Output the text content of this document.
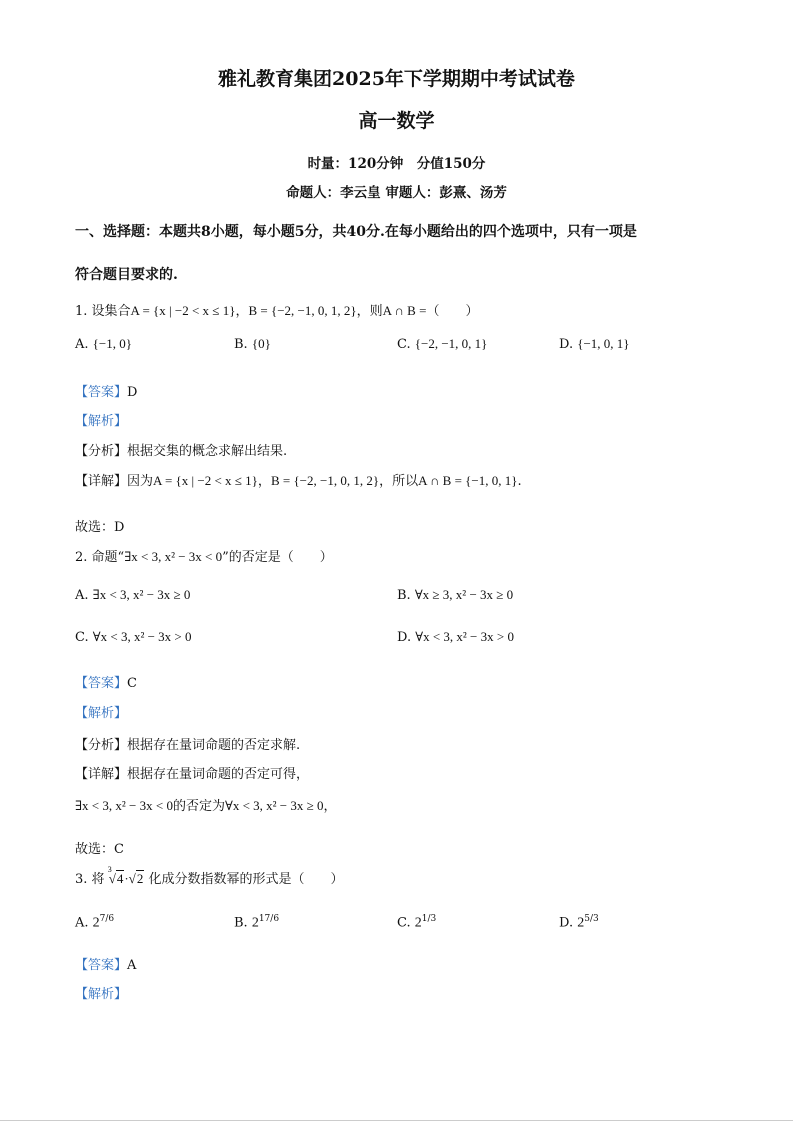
雅礼教育集团2025年下学期期中考试试卷
高一数学
时量：120分钟　分值150分
命题人：李云皇 审题人：彭熹、汤芳
一、选择题：本题共8小题，每小题5分，共40分.在每小题给出的四个选项中，只有一项是
符合题目要求的.
1. 设集合A = {x | −2 < x ≤ 1}，B = {−2, −1, 0, 1, 2}，则A ∩ B =（　　）
A. {−1, 0}	B. {0}	C. {−2, −1, 0, 1}	D. {−1, 0, 1}
【答案】D
【解析】
【分析】根据交集的概念求解出结果.
【详解】因为A = {x | −2 < x ≤ 1}，B = {−2, −1, 0, 1, 2}，所以A ∩ B = {−1, 0, 1}.
故选：D
2. 命题“∃x < 3, x² − 3x < 0”的否定是（　　）
A. ∃x < 3, x² − 3x ≥ 0	B. ∀x ≥ 3, x² − 3x ≥ 0
C. ∀x < 3, x² − 3x > 0	D. ∀x < 3, x² − 3x > 0
【答案】C
【解析】
【分析】根据存在量词命题的否定求解.
【详解】根据存在量词命题的否定可得，
∃x < 3, x² − 3x < 0的否定为∀x < 3, x² − 3x ≥ 0，
故选：C
3. 将
3
√4·√2 化成分数指数幂的形式是（　　）
A. $2^{7/6}$	B. $2^{17/6}$	C. $2^{1/3}$	D. $2^{5/3}$
【答案】A
【解析】
